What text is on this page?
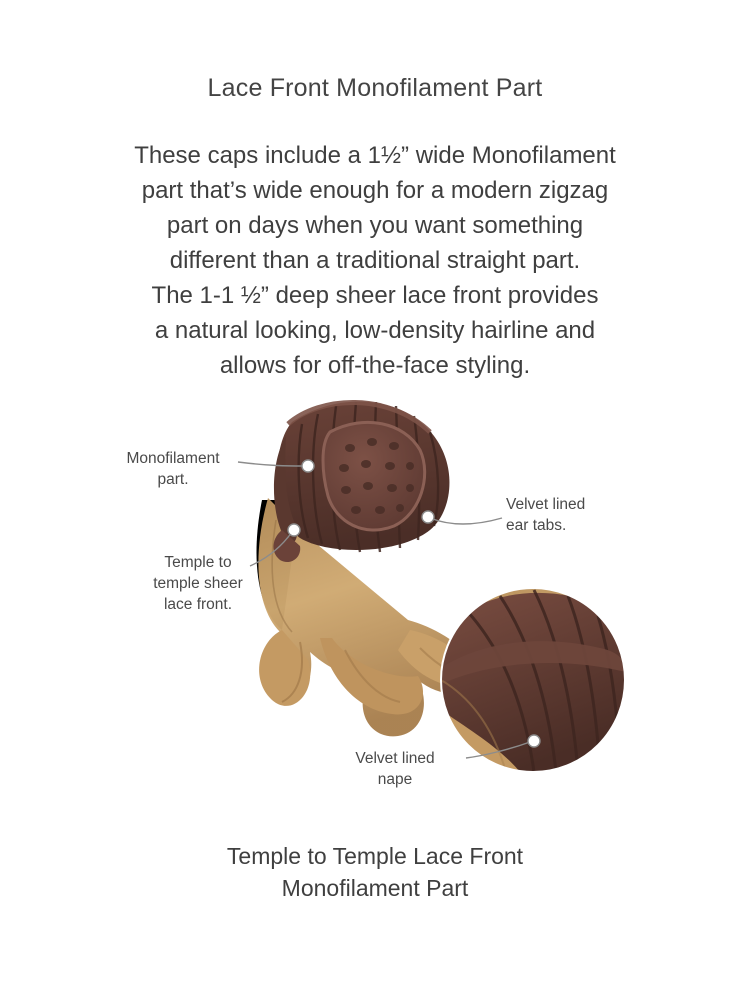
Lace Front Monofilament Part
These caps include a 1½” wide Monofilament
part that’s wide enough for a modern zigzag
part on days when you want something
different than a traditional straight part.
The 1-1 ½” deep sheer lace front provides
a natural looking, low-density hairline and
allows for off-the-face styling.
Monofilament
part.
Temple to
temple sheer
lace front.
Velvet lined
ear tabs.
Velvet lined
nape
Temple to Temple Lace Front
Monofilament Part
